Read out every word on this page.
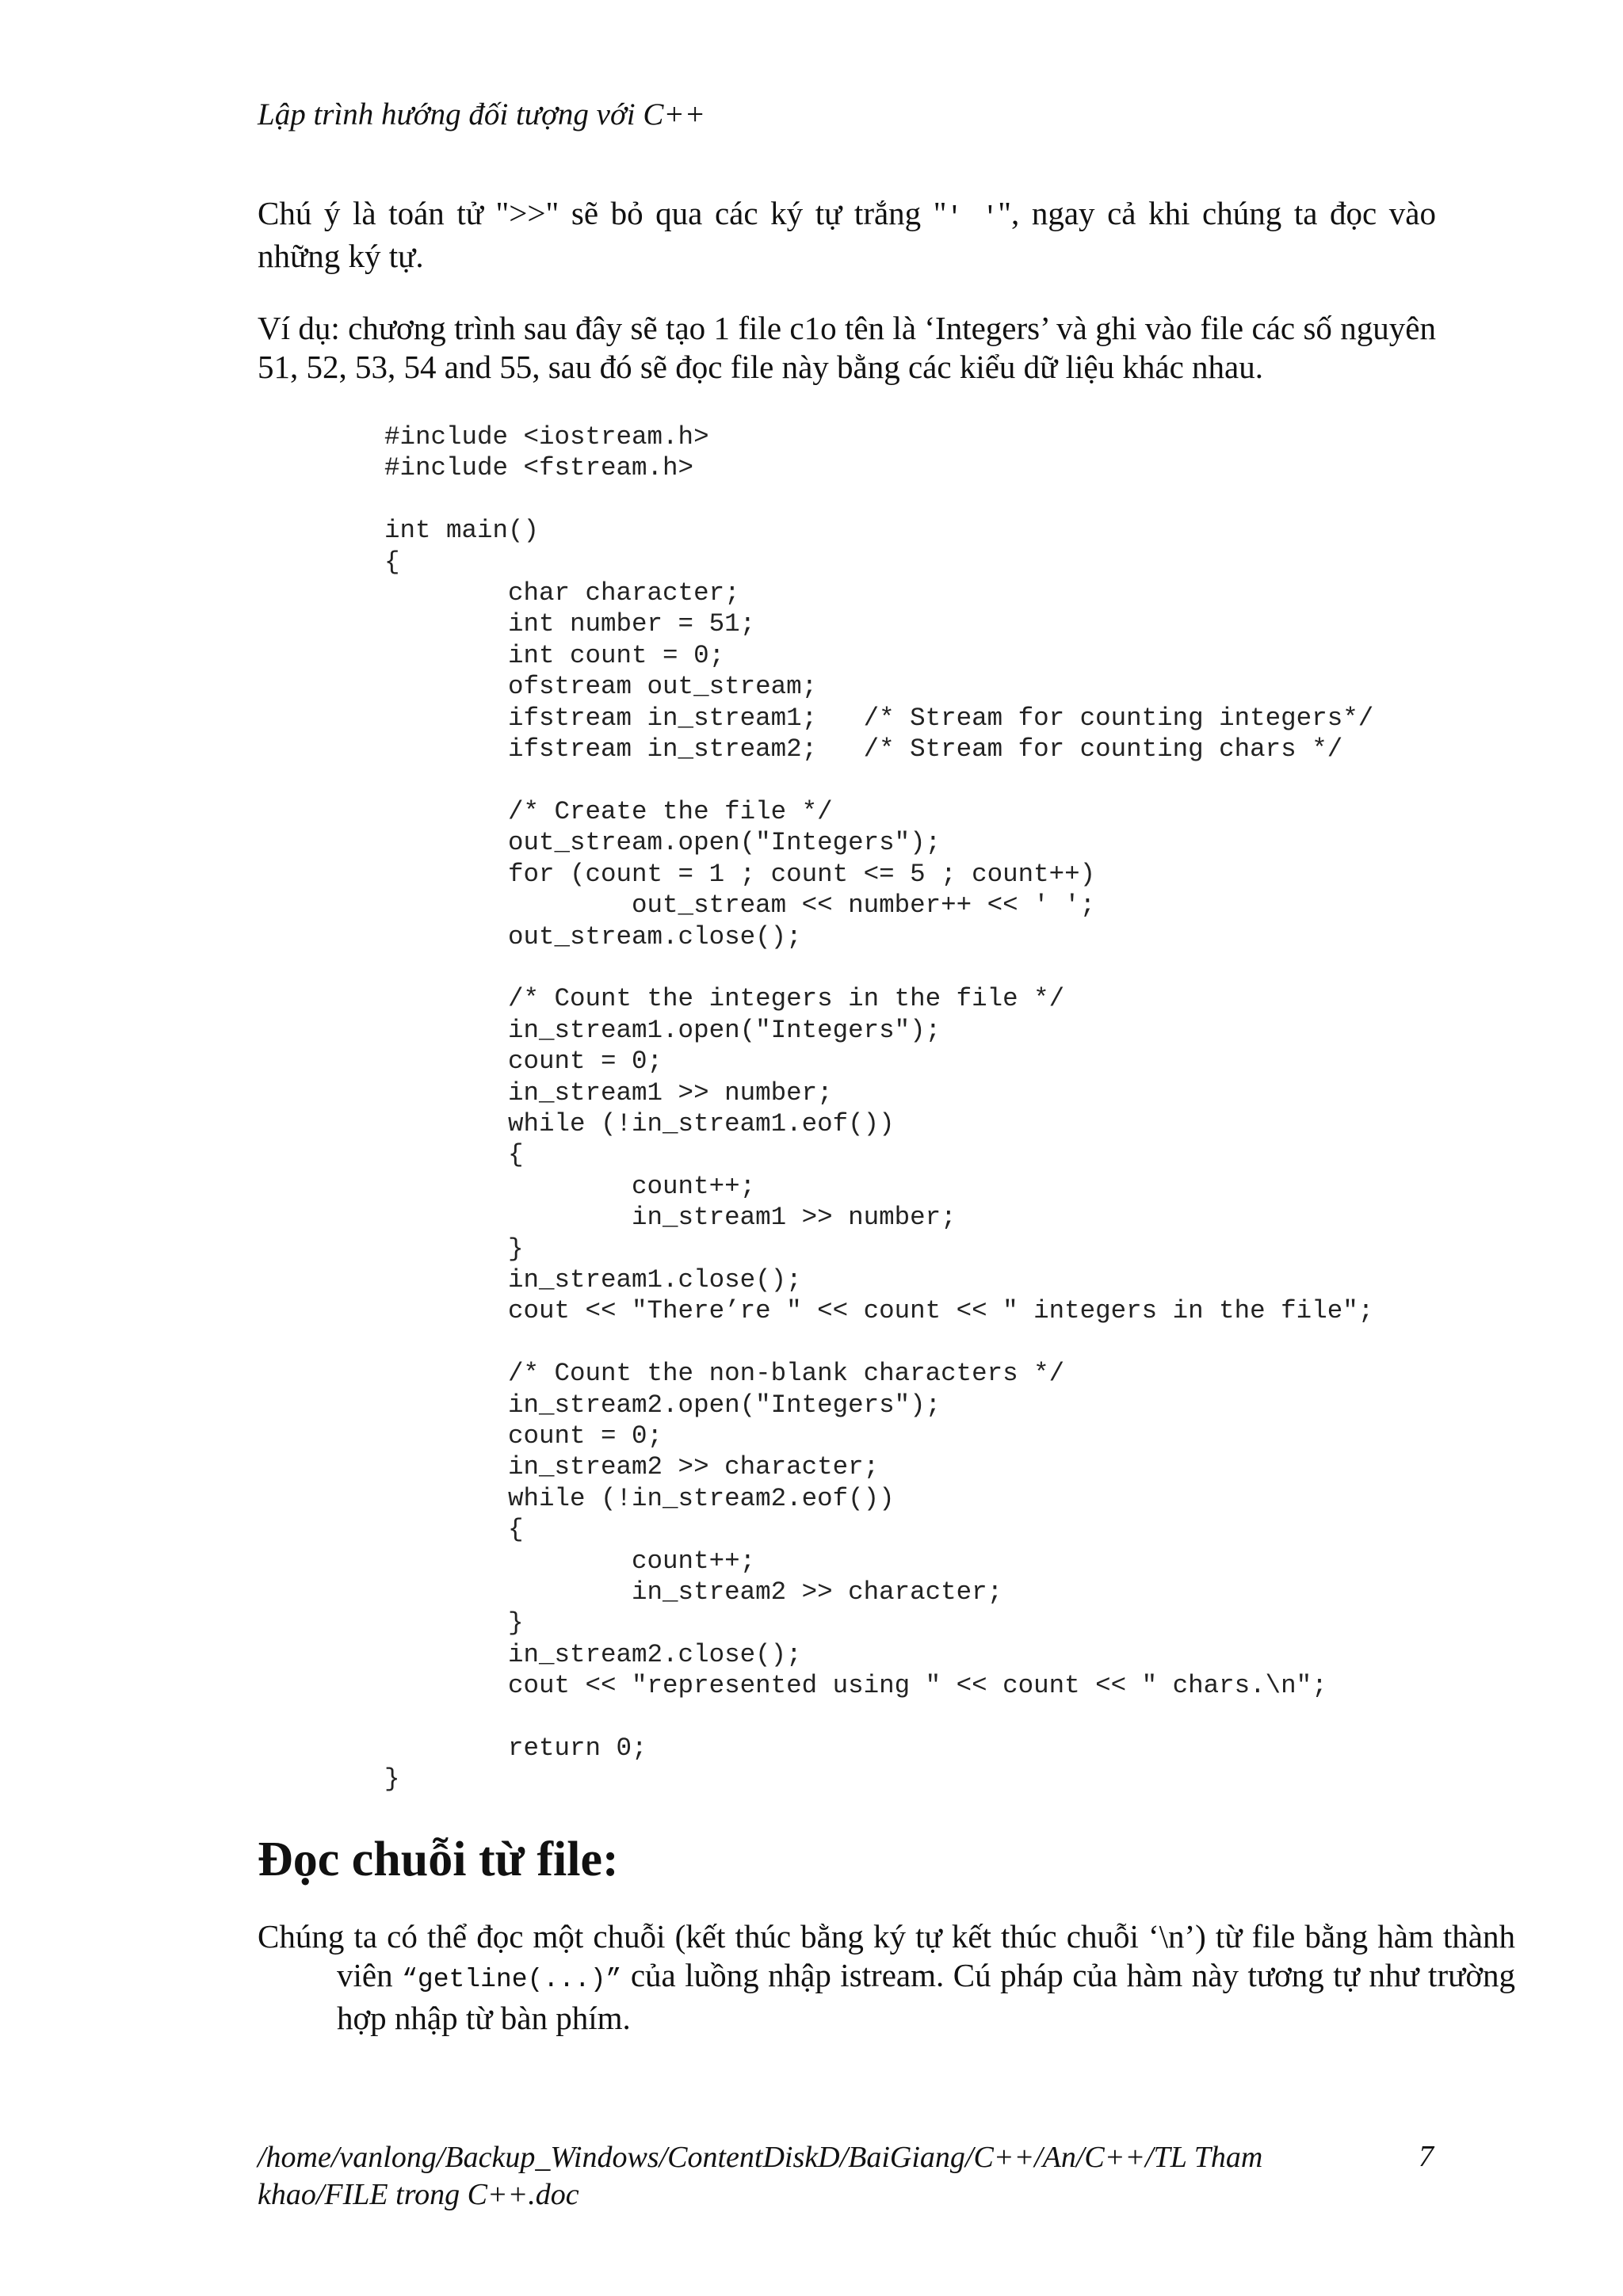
Lập trình hướng đối tượng với C++

Chú ý là toán tử ">>" sẽ bỏ qua các ký tự trắng "' '", ngay cả khi chúng ta đọc vào những ký tự.

Ví dụ: chương trình sau đây sẽ tạo 1 file c1o tên là ‘Integers’ và ghi vào file các số nguyên 51, 52, 53, 54 and 55, sau đó sẽ đọc file này bằng các kiểu dữ liệu khác nhau.

#include <iostream.h>
#include <fstream.h>

int main()
{
char character;
int number = 51;
int count = 0;
ofstream out_stream;
ifstream in_stream1;   /* Stream for counting integers*/
ifstream in_stream2;   /* Stream for counting chars */

/* Create the file */
out_stream.open("Integers");
for (count = 1 ; count <= 5 ; count++)
out_stream << number++ << ' ';
out_stream.close();

/* Count the integers in the file */
in_stream1.open("Integers");
count = 0;
in_stream1 >> number;
while (!in_stream1.eof())
{
count++;
in_stream1 >> number;
}
in_stream1.close();
cout << "There’re " << count << " integers in the file";

/* Count the non-blank characters */
in_stream2.open("Integers");
count = 0;
in_stream2 >> character;
while (!in_stream2.eof())
{
count++;
in_stream2 >> character;
}
in_stream2.close();
cout << "represented using " << count << " chars.\n";

return 0;
}
Đọc chuỗi từ file:

Chúng ta có thể đọc một chuỗi (kết thúc bằng ký tự kết thúc chuỗi ‘\n’) từ file bằng hàm thành viên “getline(...)” của luồng nhập istream. Cú pháp của hàm này tương tự như trường hợp nhập từ bàn phím.

/home/vanlong/Backup_Windows/ContentDiskD/BaiGiang/C++/An/C++/TL Tham khao/FILE trong C++.doc
7
